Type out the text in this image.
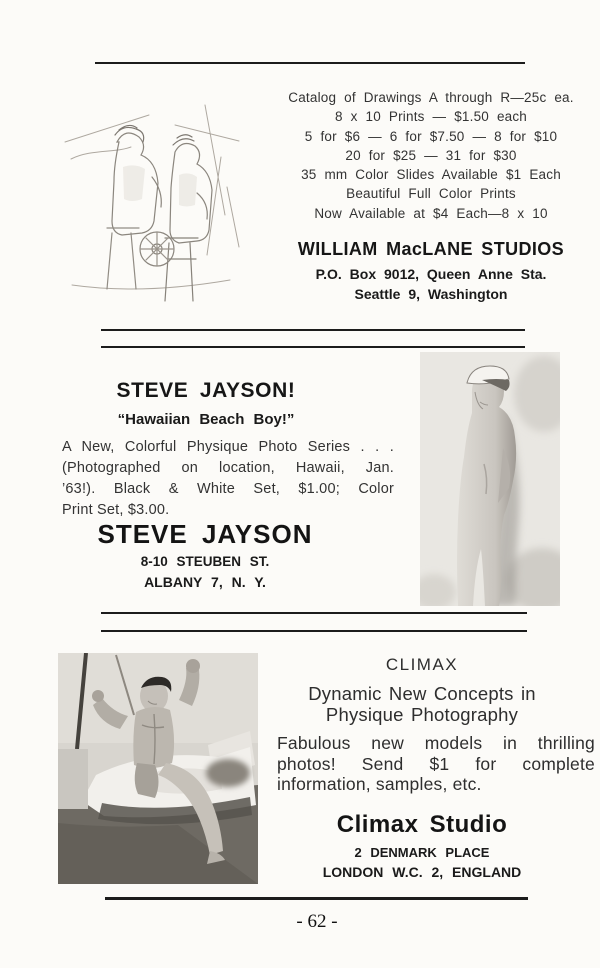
Catalog of Drawings A through R—25c ea.
8 x 10 Prints — $1.50 each
5 for $6 — 6 for $7.50 — 8 for $10
20 for $25 — 31 for $30
35 mm Color Slides Available $1 Each
Beautiful Full Color Prints
Now Available at $4 Each—8 x 10
WILLIAM MacLANE STUDIOS
P.O. Box 9012, Queen Anne Sta.
Seattle 9, Washington
STEVE JAYSON!
“Hawaiian Beach Boy!”
A New, Colorful Physique Photo Series . . .
(Photographed on location, Hawaii, Jan.
’63!). Black & White Set, $1.00; Color
Print Set, $3.00.
STEVE JAYSON
8-10 STEUBEN ST.
ALBANY 7, N. Y.
CLIMAX
Dynamic New Concepts in
Physique Photography
Fabulous new models in thrilling
photos! Send $1 for complete
information, samples, etc.
Climax Studio
2 DENMARK PLACE
LONDON W.C. 2, ENGLAND
- 62 -
